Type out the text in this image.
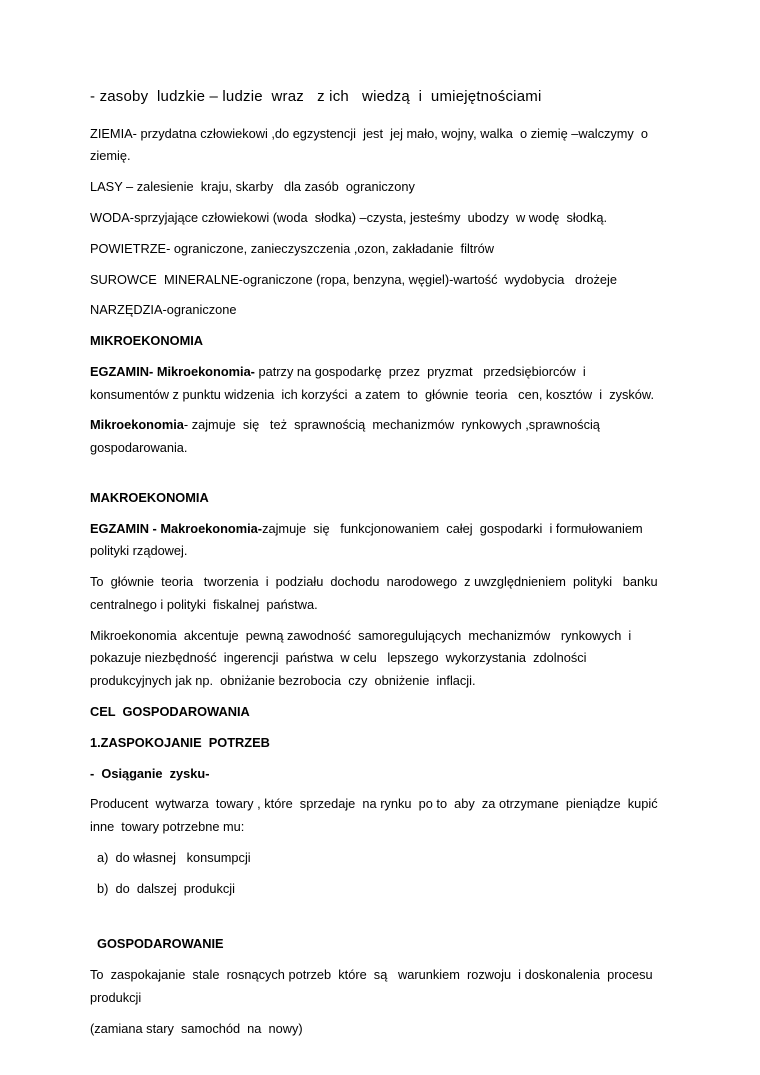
- zasoby  ludzkie – ludzie  wraz   z ich   wiedzą  i  umiejętnościami

ZIEMIA- przydatna człowiekowi ,do egzystencji  jest  jej mało, wojny, walka  o ziemię –walczymy  o ziemię.

LASY – zalesienie  kraju, skarby   dla zasób  ograniczony

WODA-sprzyjające człowiekowi (woda  słodka) –czysta, jesteśmy  ubodzy  w wodę  słodką.

POWIETRZE- ograniczone, zanieczyszczenia ,ozon, zakładanie  filtrów

SUROWCE  MINERALNE-ograniczone (ropa, benzyna, węgiel)-wartość  wydobycia   drożeje

NARZĘDZIA-ograniczone

MIKROEKONOMIA

EGZAMIN- Mikroekonomia- patrzy na gospodarkę  przez  pryzmat   przedsiębiorców  i konsumentów z punktu widzenia  ich korzyści  a zatem  to  głównie  teoria   cen, kosztów  i  zysków.

Mikroekonomia- zajmuje  się   też  sprawnością  mechanizmów  rynkowych ,sprawnością  gospodarowania.

MAKROEKONOMIA

EGZAMIN - Makroekonomia-zajmuje  się   funkcjonowaniem  całej  gospodarki  i formułowaniem  polityki rządowej.

To  głównie  teoria   tworzenia  i  podziału  dochodu  narodowego  z uwzględnieniem  polityki   banku centralnego i polityki  fiskalnej  państwa.

Mikroekonomia  akcentuje  pewną zawodność  samoregulujących  mechanizmów   rynkowych  i pokazuje niezbędność  ingerencji  państwa  w celu   lepszego  wykorzystania  zdolności produkcyjnych jak np.  obniżanie bezrobocia  czy  obniżenie  inflacji.

CEL  GOSPODAROWANIA

1.ZASPOKOJANIE  POTRZEB

-  Osiąganie  zysku-

Producent  wytwarza  towary , które  sprzedaje  na rynku  po to  aby  za otrzymane  pieniądze  kupić  inne  towary potrzebne mu:

a)  do własnej   konsumpcji

b)  do  dalszej  produkcji

GOSPODAROWANIE

To  zaspokajanie  stale  rosnących potrzeb  które  są   warunkiem  rozwoju  i doskonalenia  procesu  produkcji

(zamiana stary  samochód  na  nowy)
